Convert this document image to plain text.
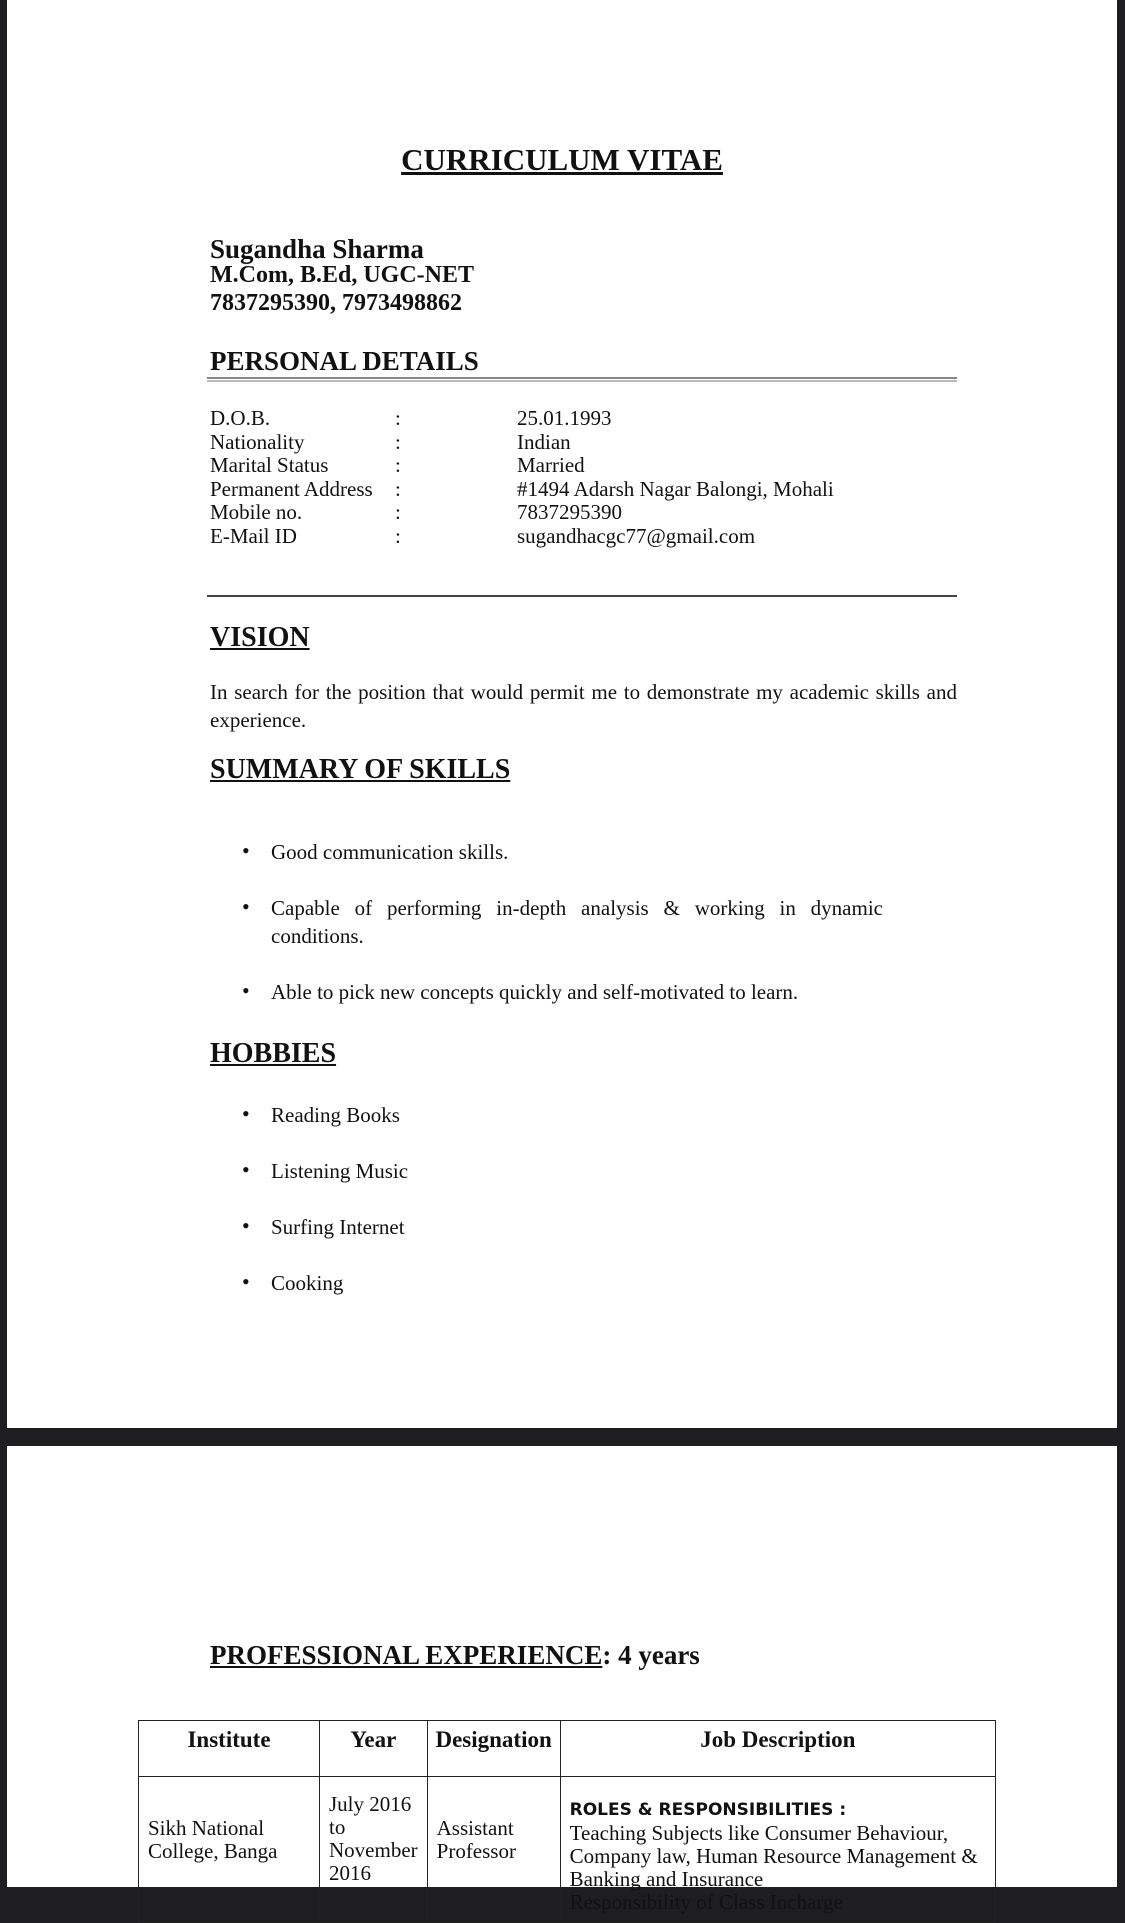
CURRICULUM VITAE
Sugandha Sharma
M.Com, B.Ed, UGC-NET
7837295390, 7973498862
PERSONAL DETAILS
D.O.B.	:	25.01.1993
Nationality	:	Indian
Marital Status	:	Married
Permanent Address :	#1494 Adarsh Nagar Balongi, Mohali
Mobile no.	:	7837295390
E-Mail ID	:	sugandhacgc77@gmail.com
VISION
In search for the position that would permit me to demonstrate my academic skills and experience.
SUMMARY OF SKILLS
• Good communication skills.
• Capable of performing in-depth analysis & working in dynamic conditions.
• Able to pick new concepts quickly and self-motivated to learn.
HOBBIES
• Reading Books
• Listening Music
• Surfing Internet
• Cooking
PROFESSIONAL EXPERIENCE: 4 years
Institute	Year	Designation	Job Description
Sikh National College, Banga	July 2016 to November 2016	Assistant Professor	ROLES & RESPONSIBILITIES :
Teaching Subjects like Consumer Behaviour, Company law, Human Resource Management & Banking and Insurance
Responsibility of Class Incharge
